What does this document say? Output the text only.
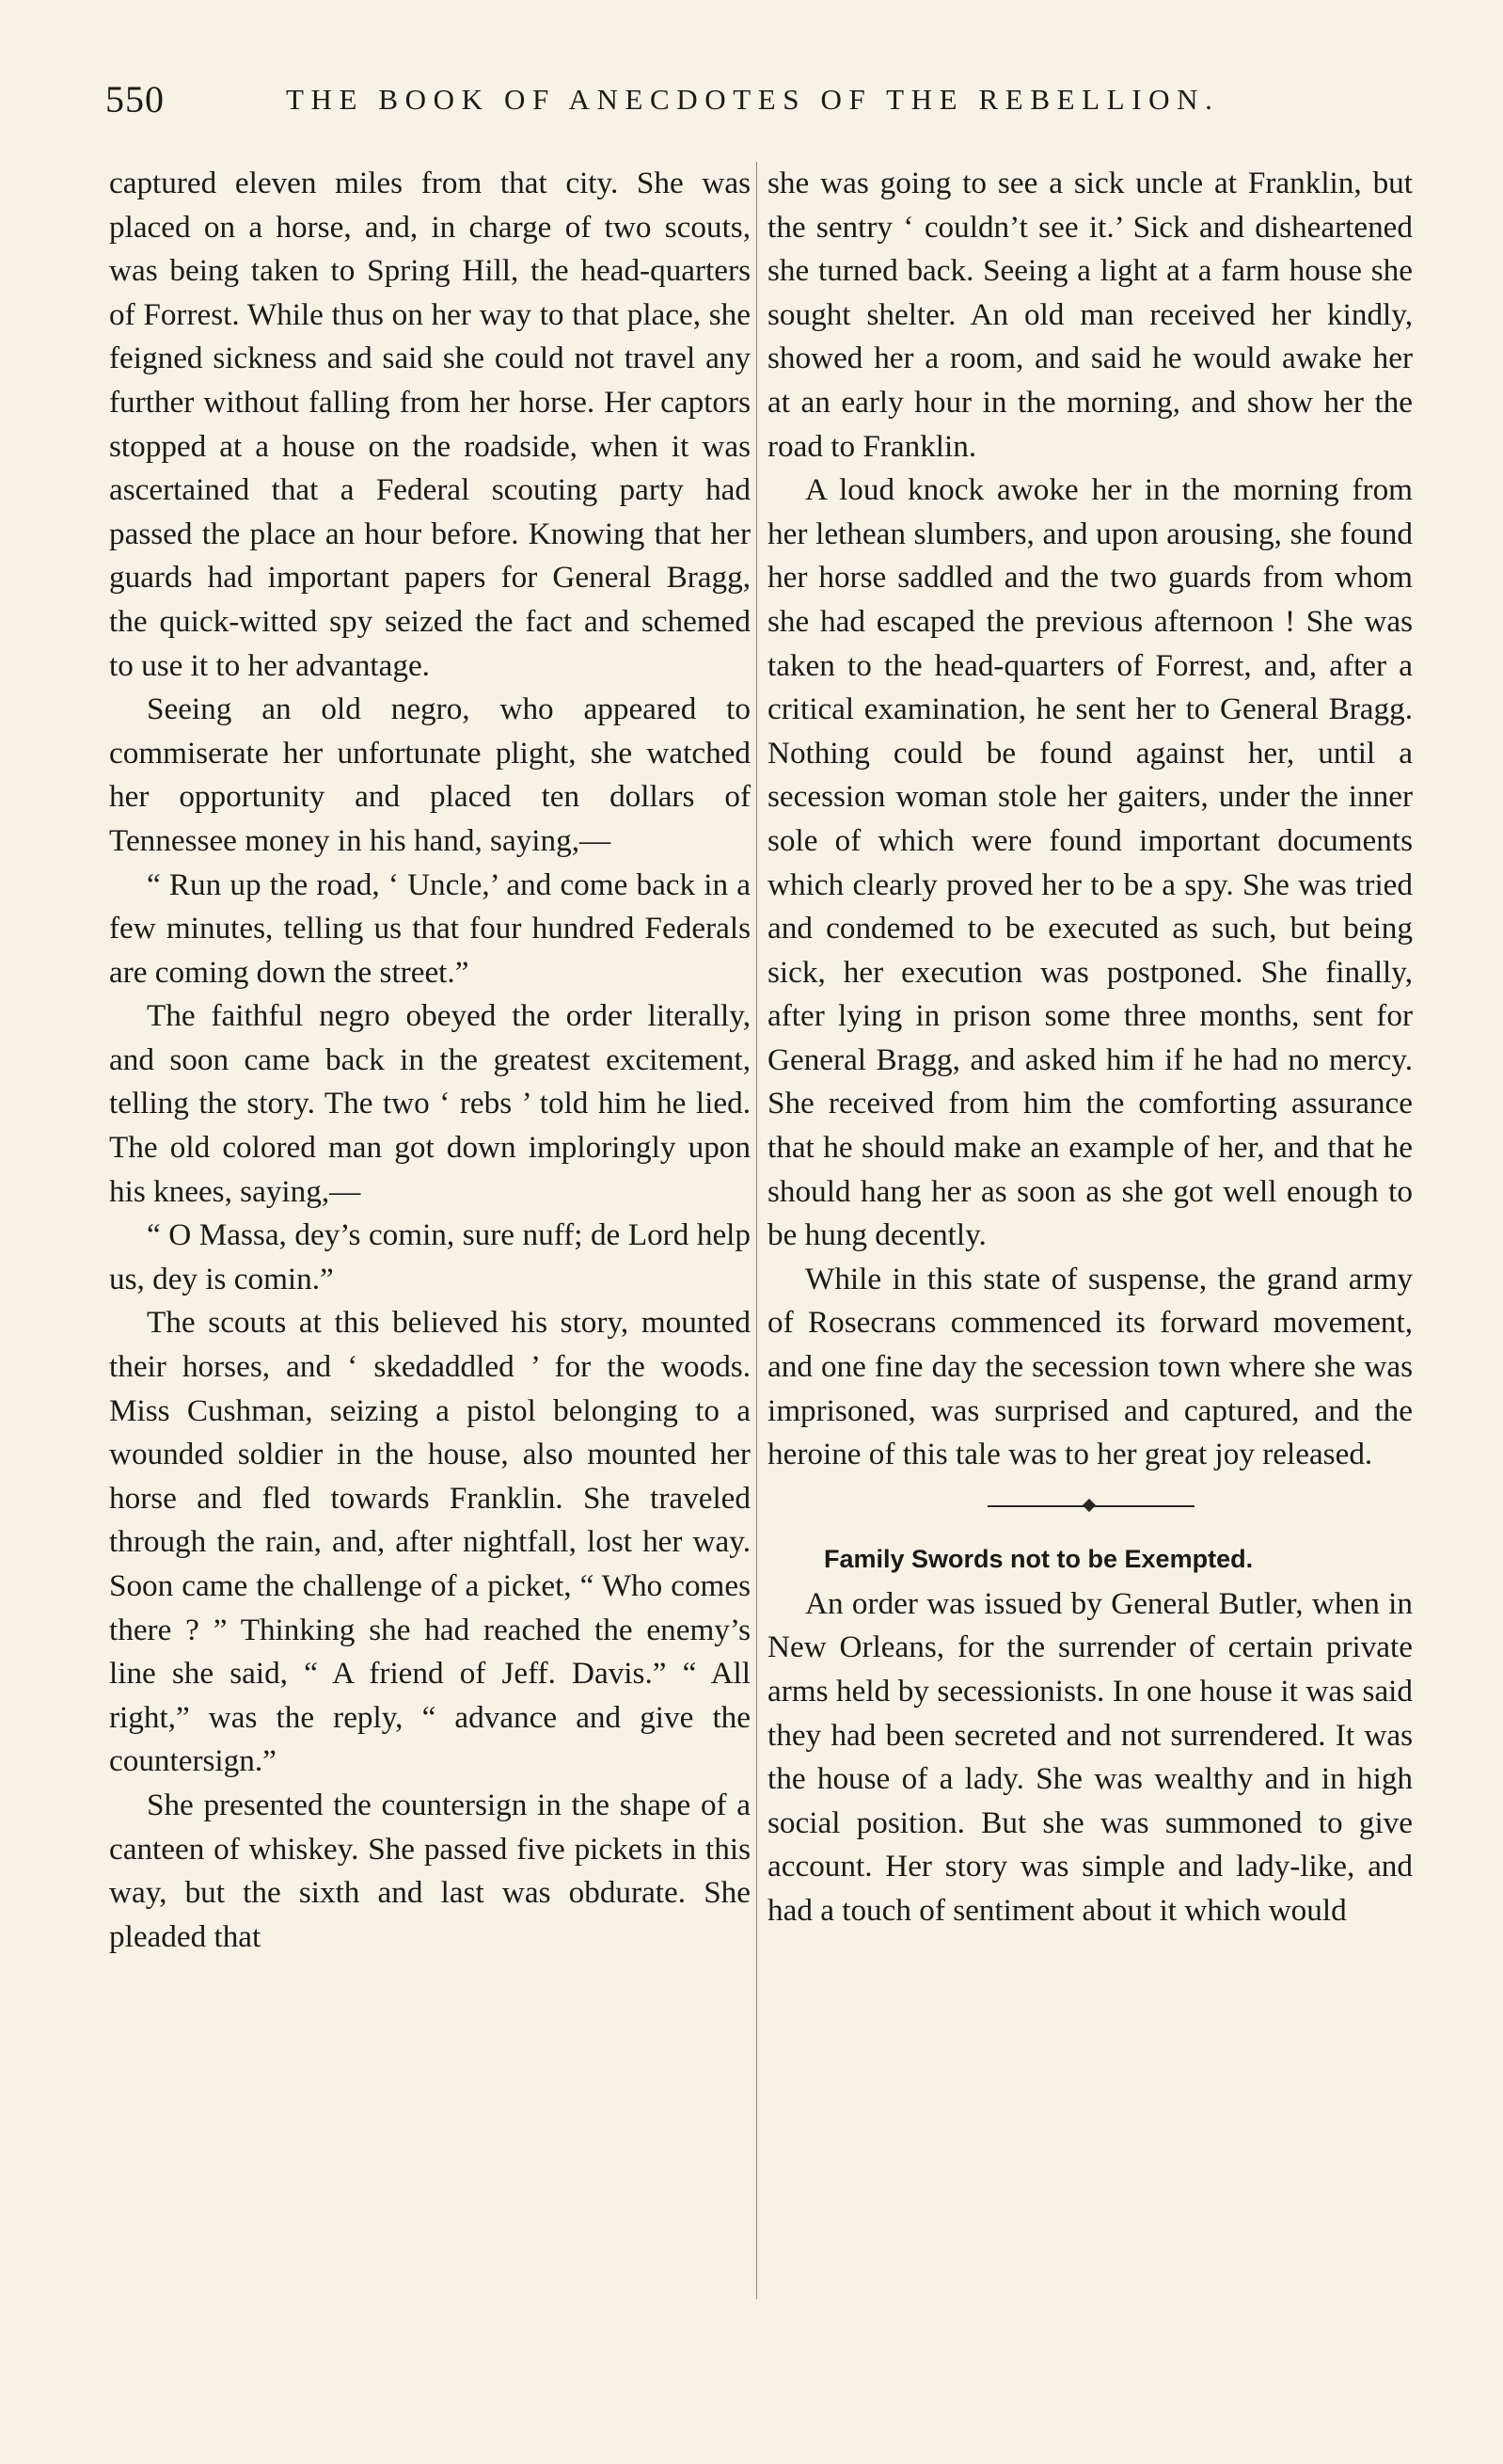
550	THE BOOK OF ANECDOTES OF THE REBELLION.

captured eleven miles from that city. She was placed on a horse, and, in charge of two scouts, was being taken to Spring Hill, the head-quarters of Forrest. While thus on her way to that place, she feigned sickness and said she could not travel any further without falling from her horse. Her captors stopped at a house on the roadside, when it was ascertained that a Federal scouting party had passed the place an hour before. Knowing that her guards had important papers for General Bragg, the quick-witted spy seized the fact and schemed to use it to her advantage.

Seeing an old negro, who appeared to commiserate her unfortunate plight, she watched her opportunity and placed ten dollars of Tennessee money in his hand, saying,—

“ Run up the road, ‘ Uncle,’ and come back in a few minutes, telling us that four hundred Federals are coming down the street.”

The faithful negro obeyed the order literally, and soon came back in the greatest excitement, telling the story. The two ‘ rebs ’ told him he lied. The old colored man got down imploringly upon his knees, saying,—

“ O Massa, dey’s comin, sure nuff; de Lord help us, dey is comin.”

The scouts at this believed his story, mounted their horses, and ‘ skedaddled ’ for the woods. Miss Cushman, seizing a pistol belonging to a wounded soldier in the house, also mounted her horse and fled towards Franklin. She traveled through the rain, and, after nightfall, lost her way. Soon came the challenge of a picket, “ Who comes there ? ” Thinking she had reached the enemy’s line she said, “ A friend of Jeff. Davis.” “ All right,” was the reply, “ advance and give the countersign.”

She presented the countersign in the shape of a canteen of whiskey. She passed five pickets in this way, but the sixth and last was obdurate. She pleaded that

she was going to see a sick uncle at Franklin, but the sentry ‘ couldn’t see it.’ Sick and disheartened she turned back. Seeing a light at a farm house she sought shelter. An old man received her kindly, showed her a room, and said he would awake her at an early hour in the morning, and show her the road to Franklin.

A loud knock awoke her in the morning from her lethean slumbers, and upon arousing, she found her horse saddled and the two guards from whom she had escaped the previous afternoon ! She was taken to the head-quarters of Forrest, and, after a critical examination, he sent her to General Bragg. Nothing could be found against her, until a secession woman stole her gaiters, under the inner sole of which were found important documents which clearly proved her to be a spy. She was tried and condemed to be executed as such, but being sick, her execution was postponed. She finally, after lying in prison some three months, sent for General Bragg, and asked him if he had no mercy. She received from him the comforting assurance that he should make an example of her, and that he should hang her as soon as she got well enough to be hung decently.

While in this state of suspense, the grand army of Rosecrans commenced its forward movement, and one fine day the secession town where she was imprisoned, was surprised and captured, and the heroine of this tale was to her great joy released.

Family Swords not to be Exempted.

An order was issued by General Butler, when in New Orleans, for the surrender of certain private arms held by secessionists. In one house it was said they had been secreted and not surrendered. It was the house of a lady. She was wealthy and in high social position. But she was summoned to give account. Her story was simple and lady-like, and had a touch of sentiment about it which would
